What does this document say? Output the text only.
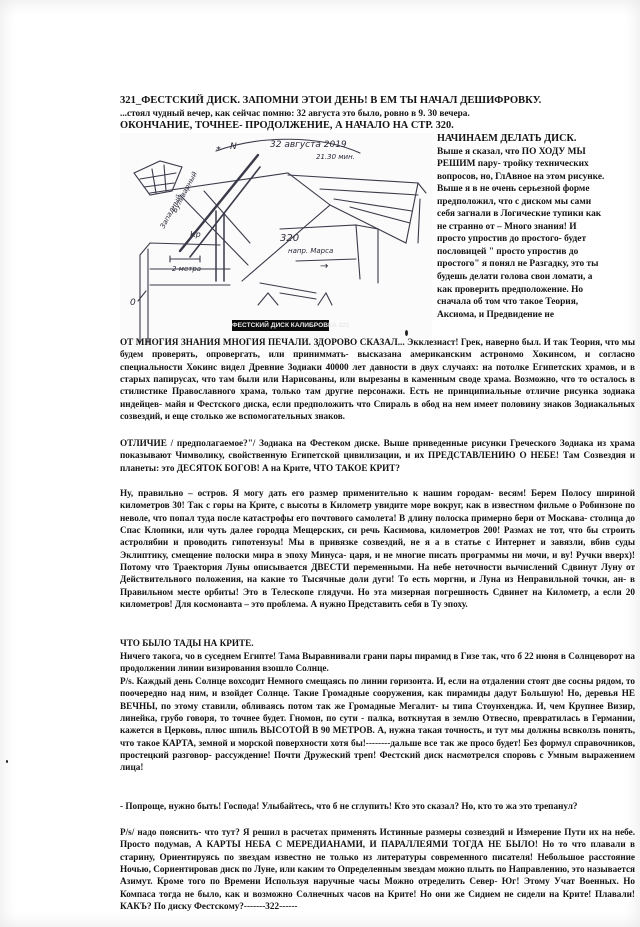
321_ФЕСТСКИЙ ДИСК. ЗАПОМНИ ЭТОИ ДЕНЬ! В ЕМ ТЫ НАЧАЛ ДЕШИФРОВКУ.

...стоял чудный вечер, как сейчас помню: 32 августа это было, ровно в 9. 30 вечера.

ОКОНЧАНИЕ, ТОЧНЕЕ- ПРОДОЛЖЕНИЕ, А НАЧАЛО НА СТР. 320.

32 августа 2019
21.30 мин.
320
напр. Марса
Бульварный
Западный
Кр
0
2 метра
* N
→
ФЕСТСКИЙ ДИСК КАЛИБРОВКА 321
НАЧИНАЕМ ДЕЛАТЬ ДИСК.
Выше я сказал, что ПО ХОДУ МЫ
РЕШИМ пару- тройку технических
вопросов, но, ГлАвное на этом рисунке.
Выше я в не очень серьезной форме
предположил, что с диском мы сами
себя загнали в Логические тупики как
не странно от – Много знания! И
просто упростив до простого- будет
пословицей " просто упростив до
простого" я понял не Разгадку, это ты
будешь делати голова свои ломати, а
как проверить предположение. Но
сначала об том что такое Теория,
Аксиома, и Предвидение не

ОТ МНОГИЯ ЗНАНИЯ МНОГИЯ ПЕЧАЛИ. ЗДОРОВО СКАЗАЛ... Экклезиаст! Грек, наверно был. И так Теория, что мы будем проверять, опровергать, или приниммать- высказана американским астрономо Хокинсом, и согласно специальности Хокинс видел Древние Зодиаки 40000 лет давности в двух случаях: на потолке Египетских храмов, и в старых папирусах, что там были или Нарисованы, или вырезаны в каменным своде храма. Возможно, что то осталось в стилистике Православного храма, только там другие персонажи. Есть не принципиальные отличие рисунка зодиака индейцев- майя и Фестского диска, если предположить что Спираль в обод на нем имеет половину знаков Зодиакальных созвездий, и еще столько же вспомогательных знаков.

ОТЛИЧИЕ / предполагаемое?"/ Зодиака на Фестеком диске. Выше приведенные рисунки Греческого Зодиака из храма показывают Чимволику, свойственную Египетской цивилизации, и их ПРЕДСТАВЛЕНИЮ О НЕБЕ! Там Созвездия и планеты: это ДЕСЯТОК БОГОВ! А на Крите, ЧТО ТАКОЕ КРИТ?

Ну, правильно – остров. Я могу дать его размер применительно к нашим городам- весям! Берем Полосу шириной километров 30! Так с горы на Крите, с высоты в Километр увидите море вокруг, как в известном фильме о Робинзоне по неволе, что попал туда после катастрофы его почтового самолета! В длину полоска примерно бери от Москава- столица до Спас Клопики, или чуть далее городца Мещерских, си речь Касимова, километров 200! Размах не тот, что бы строить астролябии и проводить гипотензуы! Мы в привязке созвездий, не я а в статье с Интернет и завязли, вбив суды Эклиптику, смещение полоски мира в эпоху Минуса- царя, и не многие писать программы ни мочи, и ву! Ручки вверх)! Потому что Траектория Луны описывается ДВЕСТИ переменными. На небе неточности вычислений Сдвинут Луну от Действительного положения, на какие то Тысячные доли дуги! То есть моргни, и Луна из Неправильной точки, ан- в Правильном месте орбиты! Это в Телескопе глядучи. Но эта мизерная погрешность Сдвинет на Километр, а если 20 километров! Для космонавта – это проблема. А нужно Представить себя в Ту эпоху.

ЧТО БЫЛО ТАДЫ НА КРИТЕ.

Ничего такога, чо в суседнем Египте! Тама Выравнивали грани пары пирамид в Гизе так, что б 22 июня в Солнцеворот на продолжении линии визирования взошло Солнце.

P/s. Каждый день Солнце вохсодит Немного смещаясь по линии горизонта. И, если на отдалении стоят две сосны рядом, то поочередно над ним, и взойдет Солнце. Такие Громадные сооружения, как пирамиды дадут Большую! Но, деревья НЕ ВЕЧНЫ, по этому ставили, обливаясь потом так же Громадные Мегалит- ы типа Стоунхенджа. И, чем Крупнее Визир, линейка, грубо говоря, то точнее будет. Гномон, по сути - палка, воткнутая в землю Отвесно, превратилась в Германии, кажется в Церковь, плюс шпиль ВЫСОТОЙ В 90 МЕТРОВ. А, нужна такая точность, и тут мы должны всвколзь понять, что такое КАРТА, земной и морской поверхности хотя бы!--------дальше все так же просо будет! Без формул справочников, простецкий разговор- рассуждение! Почти Дружеский треп! Фестский диск насмотрелся споровь с Умным выражением лица!

- Попроще, нужно быть! Господа! Улыбайтесь, что б не сглупить! Кто это сказал? Но, кто то жа это трепанул?

P/s/ надо пояснить- что тут? Я решил в расчетах применять Истинные размеры созвездий и Измерение Пути их на небе. Просто подумав, А КАРТЫ НЕБА С МЕРЕДИАНАМИ, И ПАРАЛЛЕЯМИ ТОГДА НЕ БЫЛО! Но то что плавали в старину, Ориентируясь по звездам известно не только из литературы современного писателя! Небольшое расстояние Ночью, Сориентировав диск по Луне, или каким то Определенным звездам можно плыть по Направлению, это называется Азимут. Кроме того по Времени Используя наручные часы Можно отределить Север- Юг! Этому Учат Военных. Но Компаса тогда не было, как и возможно Солнечных часов на Крите! Но они же Сидием не сидели на Крите! Плавали! КАКЪ? По диску Фестскому?-------322------
